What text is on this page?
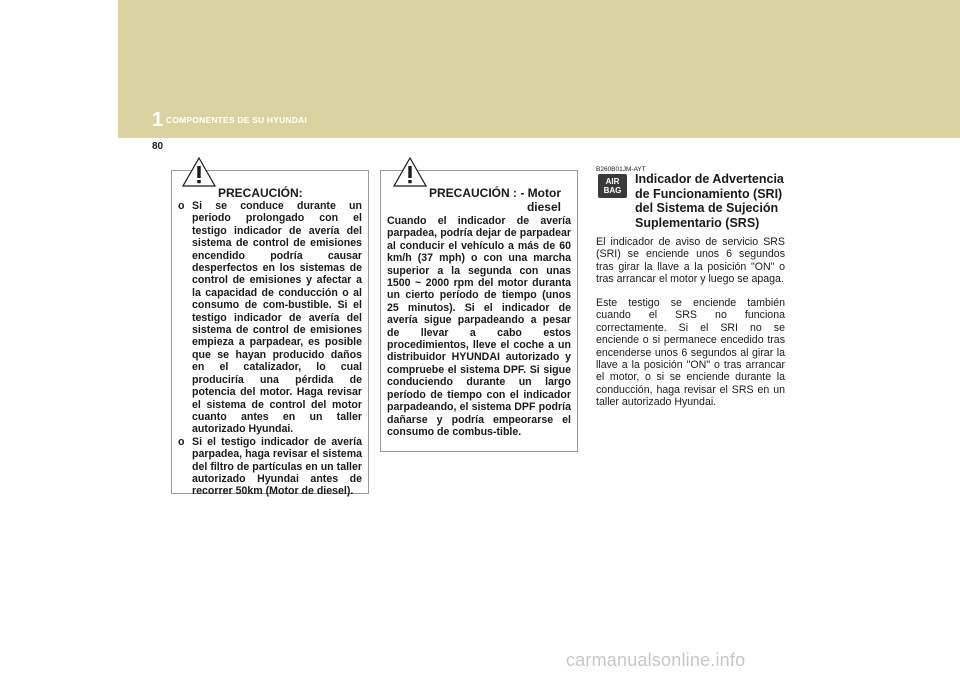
1 COMPONENTES DE SU HYUNDAI
80
PRECAUCIÓN:
o Si se conduce durante un periodo prolongado con el testigo indicador de avería del sistema de control de emisiones encendido podría causar desperfectos en los sistemas de control de emisiones y afectar a la capacidad de conducción o al consumo de com-bustible. Si el testigo indicador de avería del sistema de control de emisiones empieza a parpadear, es posible que se hayan producido daños en el catalizador, lo cual produciría una pérdida de potencia del motor. Haga revisar el sistema de control del motor cuanto antes en un taller autorizado Hyundai.
o Si el testigo indicador de avería parpadea, haga revisar el sistema del filtro de partículas en un taller autorizado Hyundai antes de recorrer 50km (Motor de diesel).
PRECAUCIÓN : - Motor
diesel

Cuando el indicador de avería parpadea, podría dejar de parpadear al conducir el vehículo a más de 60 km/h (37 mph) o con una marcha superior a la segunda con unas 1500 ~ 2000 rpm del motor duranta un cierto período de tiempo (unos 25 minutos). Si el indicador de avería sigue parpadeando a pesar de llevar a cabo estos procedimientos, lleve el coche a un distribuidor HYUNDAI autorizado y compruebe el sistema DPF. Si sigue conduciendo durante un largo período de tiempo con el indicador parpadeando, el sistema DPF podría dañarse y podría empeorarse el consumo de combus-tible.

B260B01JM-AYT
AIR
BAG
Indicador de Advertencia
de Funcionamiento (SRI)
del Sistema de Sujeción
Suplementario (SRS)

El indicador de aviso de servicio SRS (SRI) se enciende unos 6 segundos tras girar la llave a la posición "ON" o tras arrancar el motor y luego se apaga.

Este testigo se enciende también cuando el SRS no funciona correctamente. Si el SRI no se enciende o si permanece encedido tras encenderse unos 6 segundos al girar la llave a la posición "ON" o tras arrancar el motor, o si se enciende durante la conducción, haga revisar el SRS en un taller autorizado Hyundai.

carmanualsonline.info
